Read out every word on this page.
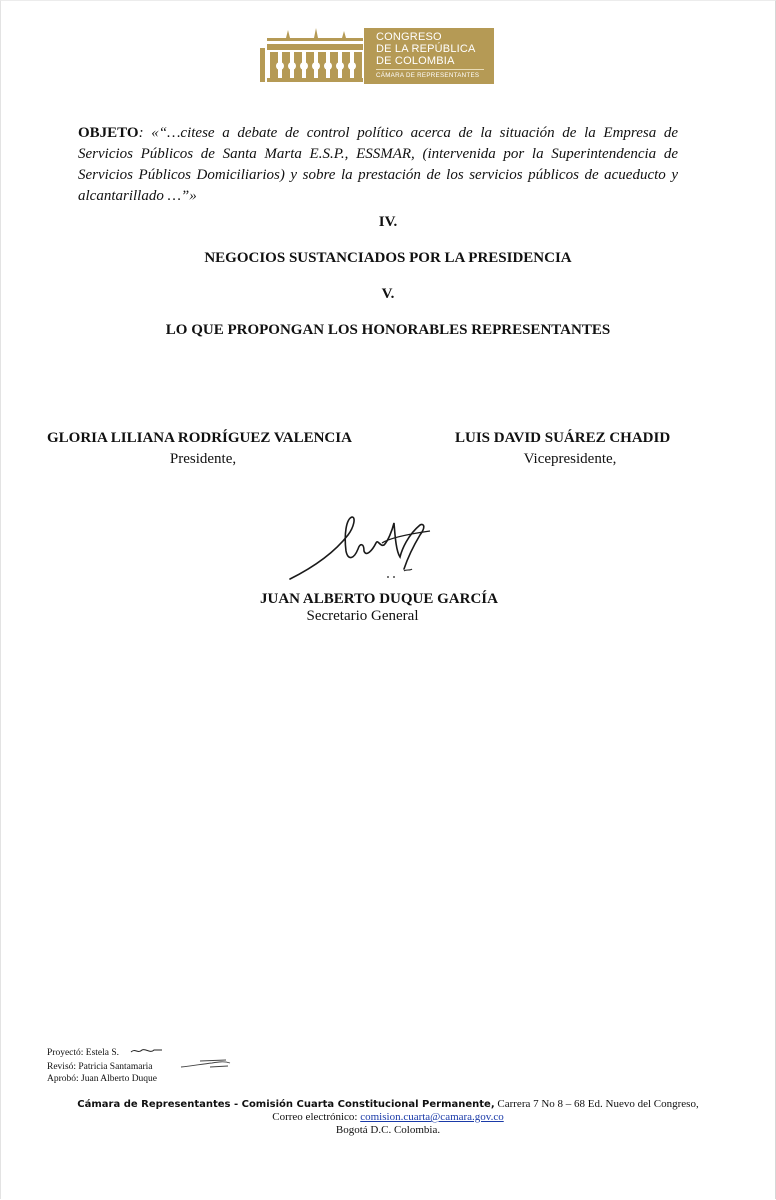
CONGRESO
DE LA REPÚBLICA
DE COLOMBIA
CÁMARA DE REPRESENTANTES
OBJETO: «“…citese a debate de control político acerca de la situación de la Empresa de Servicios Públicos de Santa Marta E.S.P., ESSMAR, (intervenida por la Superintendencia de Servicios Públicos Domiciliarios) y sobre la prestación de los servicios públicos de acueducto y alcantarillado …”»
IV.
NEGOCIOS SUSTANCIADOS POR LA PRESIDENCIA
V.
LO QUE PROPONGAN LOS HONORABLES REPRESENTANTES
GLORIA LILIANA RODRÍGUEZ VALENCIA
Presidente,
LUIS DAVID SUÁREZ CHADID
Vicepresidente,
JUAN ALBERTO DUQUE GARCÍA
Secretario General
Proyectó: Estela S.
Revisó: Patricia Santamaria
Aprobó: Juan Alberto Duque
Cámara de Representantes - Comisión Cuarta Constitucional Permanente, Carrera 7 No 8 – 68 Ed. Nuevo del Congreso,
Correo electrónico: comision.cuarta@camara.gov.co
Bogotá D.C. Colombia.
